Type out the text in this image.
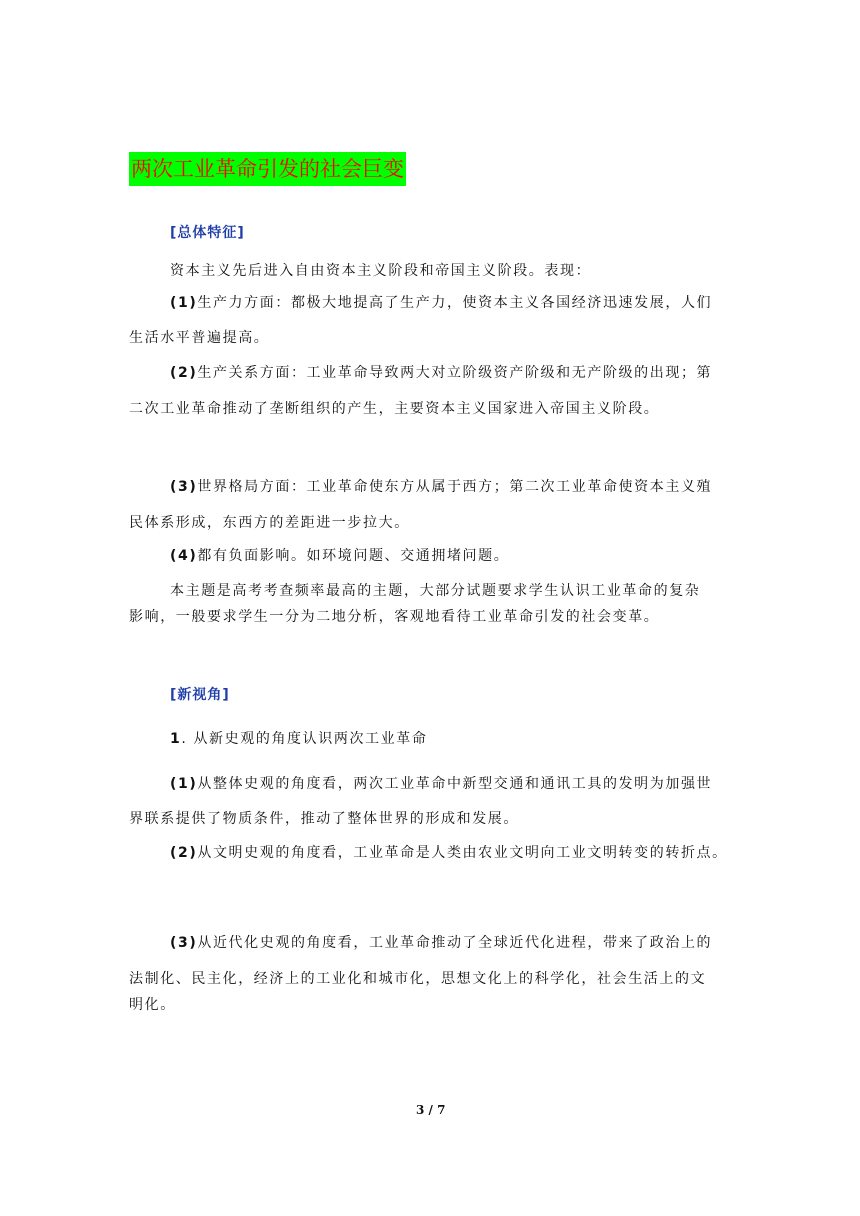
两次工业革命引发的社会巨变
[总体特征]
资本主义先后进入自由资本主义阶段和帝国主义阶段。表现：
(1)生产力方面：都极大地提高了生产力，使资本主义各国经济迅速发展，人们
生活水平普遍提高。
(2)生产关系方面：工业革命导致两大对立阶级资产阶级和无产阶级的出现；第
二次工业革命推动了垄断组织的产生，主要资本主义国家进入帝国主义阶段。
(3)世界格局方面：工业革命使东方从属于西方；第二次工业革命使资本主义殖
民体系形成，东西方的差距进一步拉大。
(4)都有负面影响。如环境问题、交通拥堵问题。
本主题是高考考查频率最高的主题，大部分试题要求学生认识工业革命的复杂
影响，一般要求学生一分为二地分析，客观地看待工业革命引发的社会变革。
[新视角]
1. 从新史观的角度认识两次工业革命
(1)从整体史观的角度看，两次工业革命中新型交通和通讯工具的发明为加强世
界联系提供了物质条件，推动了整体世界的形成和发展。
(2)从文明史观的角度看，工业革命是人类由农业文明向工业文明转变的转折点。
(3)从近代化史观的角度看，工业革命推动了全球近代化进程，带来了政治上的
法制化、民主化，经济上的工业化和城市化，思想文化上的科学化，社会生活上的文
明化。
3 / 7
